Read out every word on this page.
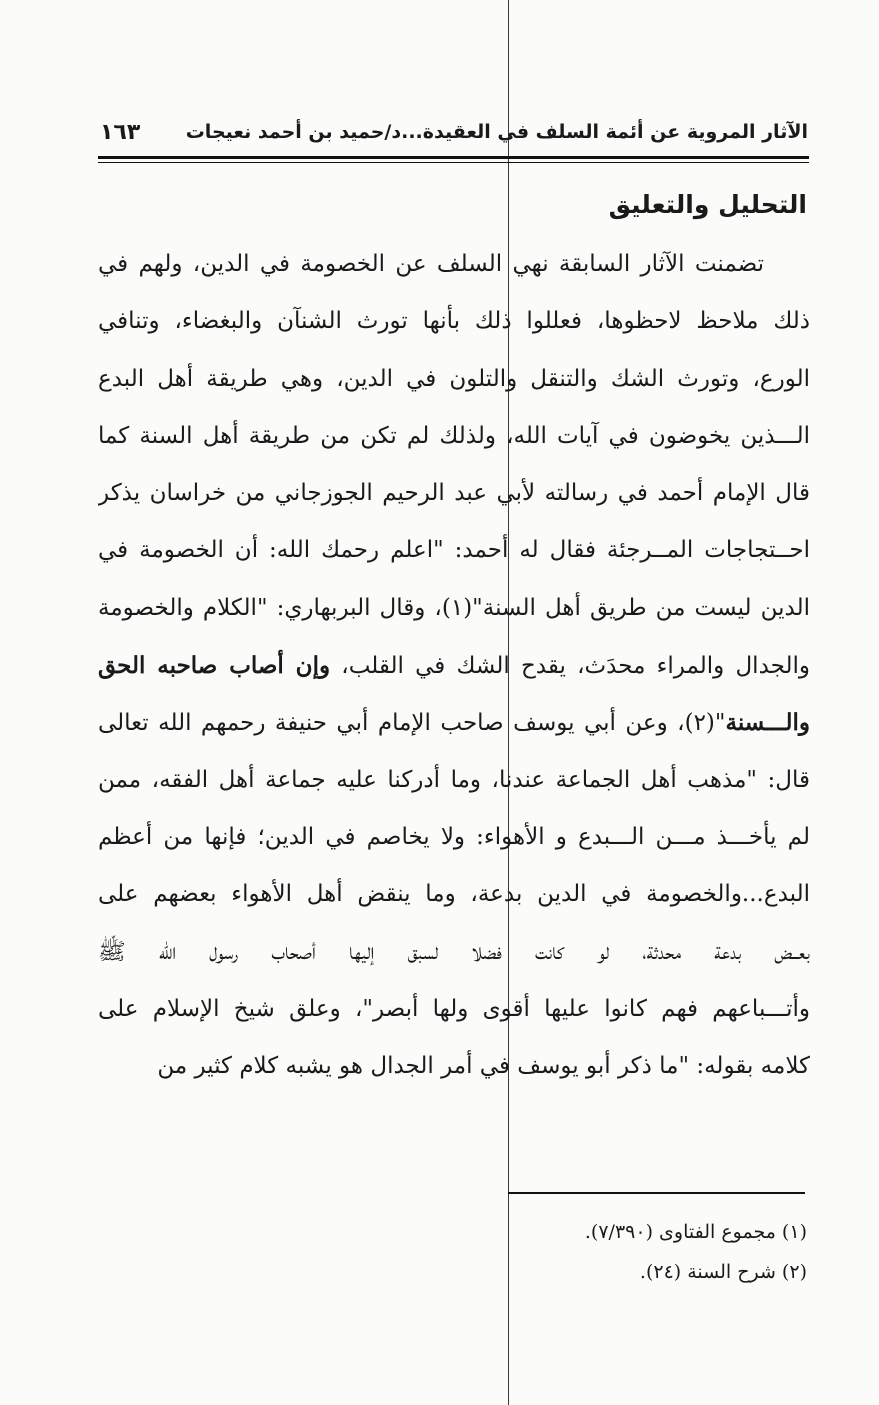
الآثار المروية عن أئمة السلف في العقيدة...د/حميد بن أحمد نعيجات
١٦٣
التحليل والتعليق
تضمنت الآثار السابقة نهي السلف عن الخصومة في الدين، ولهم في
ذلك ملاحظ لاحظوها، فعللوا ذلك بأنها تورث الشنآن والبغضاء، وتنافي
الورع، وتورث الشك والتنقل والتلون في الدين، وهي طريقة أهل البدع
الـــذين يخوضون في آيات الله، ولذلك لم تكن من طريقة أهل السنة كما
قال الإمام أحمد في رسالته لأبي عبد الرحيم الجوزجاني من خراسان يذكر
احــتجاجات المــرجئة فقال له أحمد: "اعلم رحمك الله: أن الخصومة في
الدين ليست من طريق أهل السنة"(١)، وقال البربهاري: "الكلام والخصومة
والجدال والمراء محدَث، يقدح الشك في القلب، وإن أصاب صاحبه الحق
والـــسنة"(٢)، وعن أبي يوسف صاحب الإمام أبي حنيفة رحمهم الله تعالى
قال: "مذهب أهل الجماعة عندنا، وما أدركنا عليه جماعة أهل الفقه، ممن
لم يأخـــذ مـــن الـــبدع و الأهواء: ولا يخاصم في الدين؛ فإنها من أعظم
البدع...والخصومة في الدين بدعة، وما ينقض أهل الأهواء بعضهم على
بعــض بدعة محدثة، لو كانت فضلا لسبق إليها أصحاب رسول الله ﷺ
وأتـــباعهم فهم كانوا عليها أقوى ولها أبصر"، وعلق شيخ الإسلام على
كلامه بقوله: "ما ذكر أبو يوسف في أمر الجدال هو يشبه كلام كثير من
(١) مجموع الفتاوى (٧/٣٩٠).
(٢) شرح السنة (٢٤).
